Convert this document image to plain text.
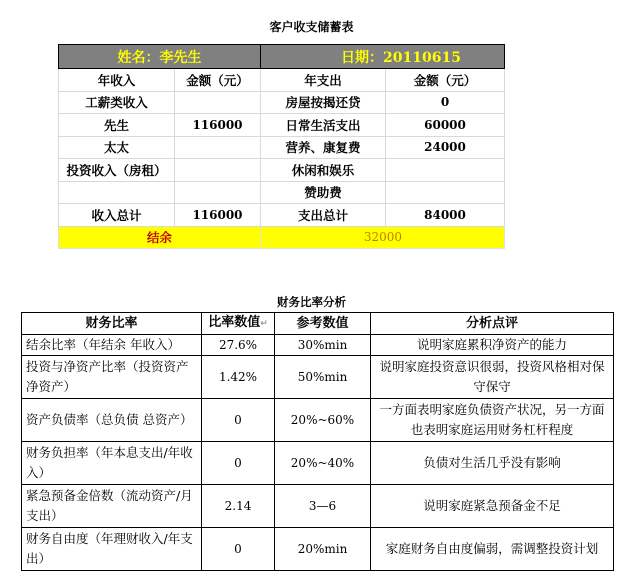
客户收支储蓄表
姓名：李先生		日期：20110615	
年收入	金额（元）	年支出	金额（元）
工薪类收入		房屋按揭还贷	0
先生	116000	日常生活支出	60000
太太		营养、康复费	24000
投资收入（房租）		休闲和娱乐	
		赞助费	
收入总计	116000	支出总计	84000
结余		32000	
财务比率分析
财务比率	比率数值↵	参考数值	分析点评
结余比率（年结余 年收入）	27.6%	30%min	说明家庭累积净资产的能力
投资与净资产比率（投资资产 净资产）	1.42%	50%min	说明家庭投资意识很弱，投资风格相对保守保守
资产负债率（总负债 总资产）	0	20%~60%	一方面表明家庭负债资产状况，另一方面也表明家庭运用财务杠杆程度
财务负担率（年本息支出/年收入）	0	20%~40%	负债对生活几乎没有影响
紧急预备金倍数（流动资产/月支出）	2.14	3—6	说明家庭紧急预备金不足
财务自由度（年理财收入/年支出）	0	20%min	家庭财务自由度偏弱，需调整投资计划
